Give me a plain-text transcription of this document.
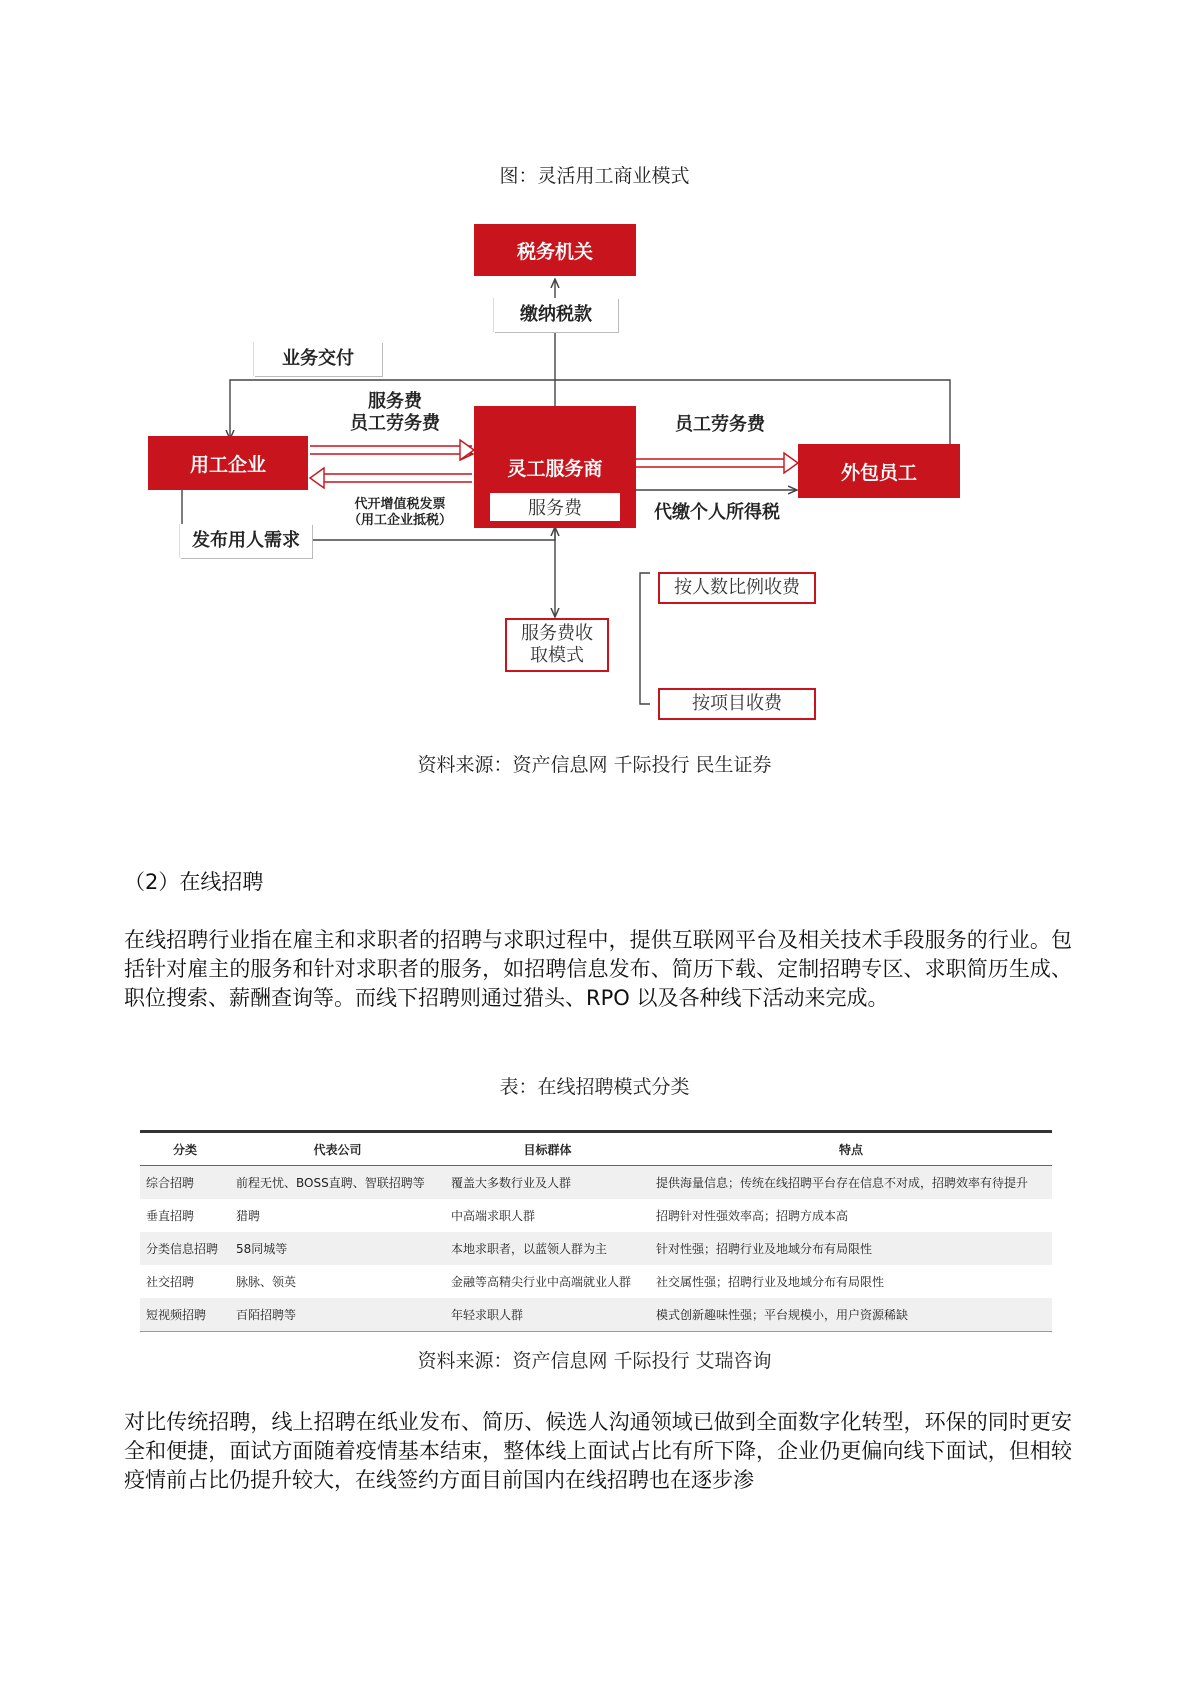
图：灵活用工商业模式
税务机关
缴纳税款
业务交付
服务费
员工劳务费
用工企业	灵工服务商
服务费
员工劳务费
外包员工
代开增值税发票
（用工企业抵税）	代缴个人所得税
发布用人需求
服务费收
取模式
按人数比例收费
按项目收费
资料来源：资产信息网 千际投行 民生证券
（2）在线招聘
在线招聘行业指在雇主和求职者的招聘与求职过程中，提供互联网平台及相关技术手段服务的行业。包括针对雇主的服务和针对求职者的服务，如招聘信息发布、简历下载、定制招聘专区、求职简历生成、职位搜索、薪酬查询等。而线下招聘则通过猎头、RPO 以及各种线下活动来完成。
表：在线招聘模式分类
分类	代表公司	目标群体	特点
综合招聘	前程无忧、BOSS直聘、智联招聘等	覆盖大多数行业及人群	提供海量信息；传统在线招聘平台存在信息不对成，招聘效率有待提升
垂直招聘	猎聘	中高端求职人群	招聘针对性强效率高；招聘方成本高
分类信息招聘	58同城等	本地求职者，以蓝领人群为主	针对性强；招聘行业及地域分布有局限性
社交招聘	脉脉、领英	金融等高精尖行业中高端就业人群	社交属性强；招聘行业及地域分布有局限性
短视频招聘	百陌招聘等	年轻求职人群	模式创新趣味性强；平台规模小，用户资源稀缺
资料来源：资产信息网 千际投行 艾瑞咨询
对比传统招聘，线上招聘在纸业发布、简历、候选人沟通领域已做到全面数字化转型，环保的同时更安全和便捷，面试方面随着疫情基本结束，整体线上面试占比有所下降，企业仍更偏向线下面试，但相较疫情前占比仍提升较大，在线签约方面目前国内在线招聘也在逐步渗
